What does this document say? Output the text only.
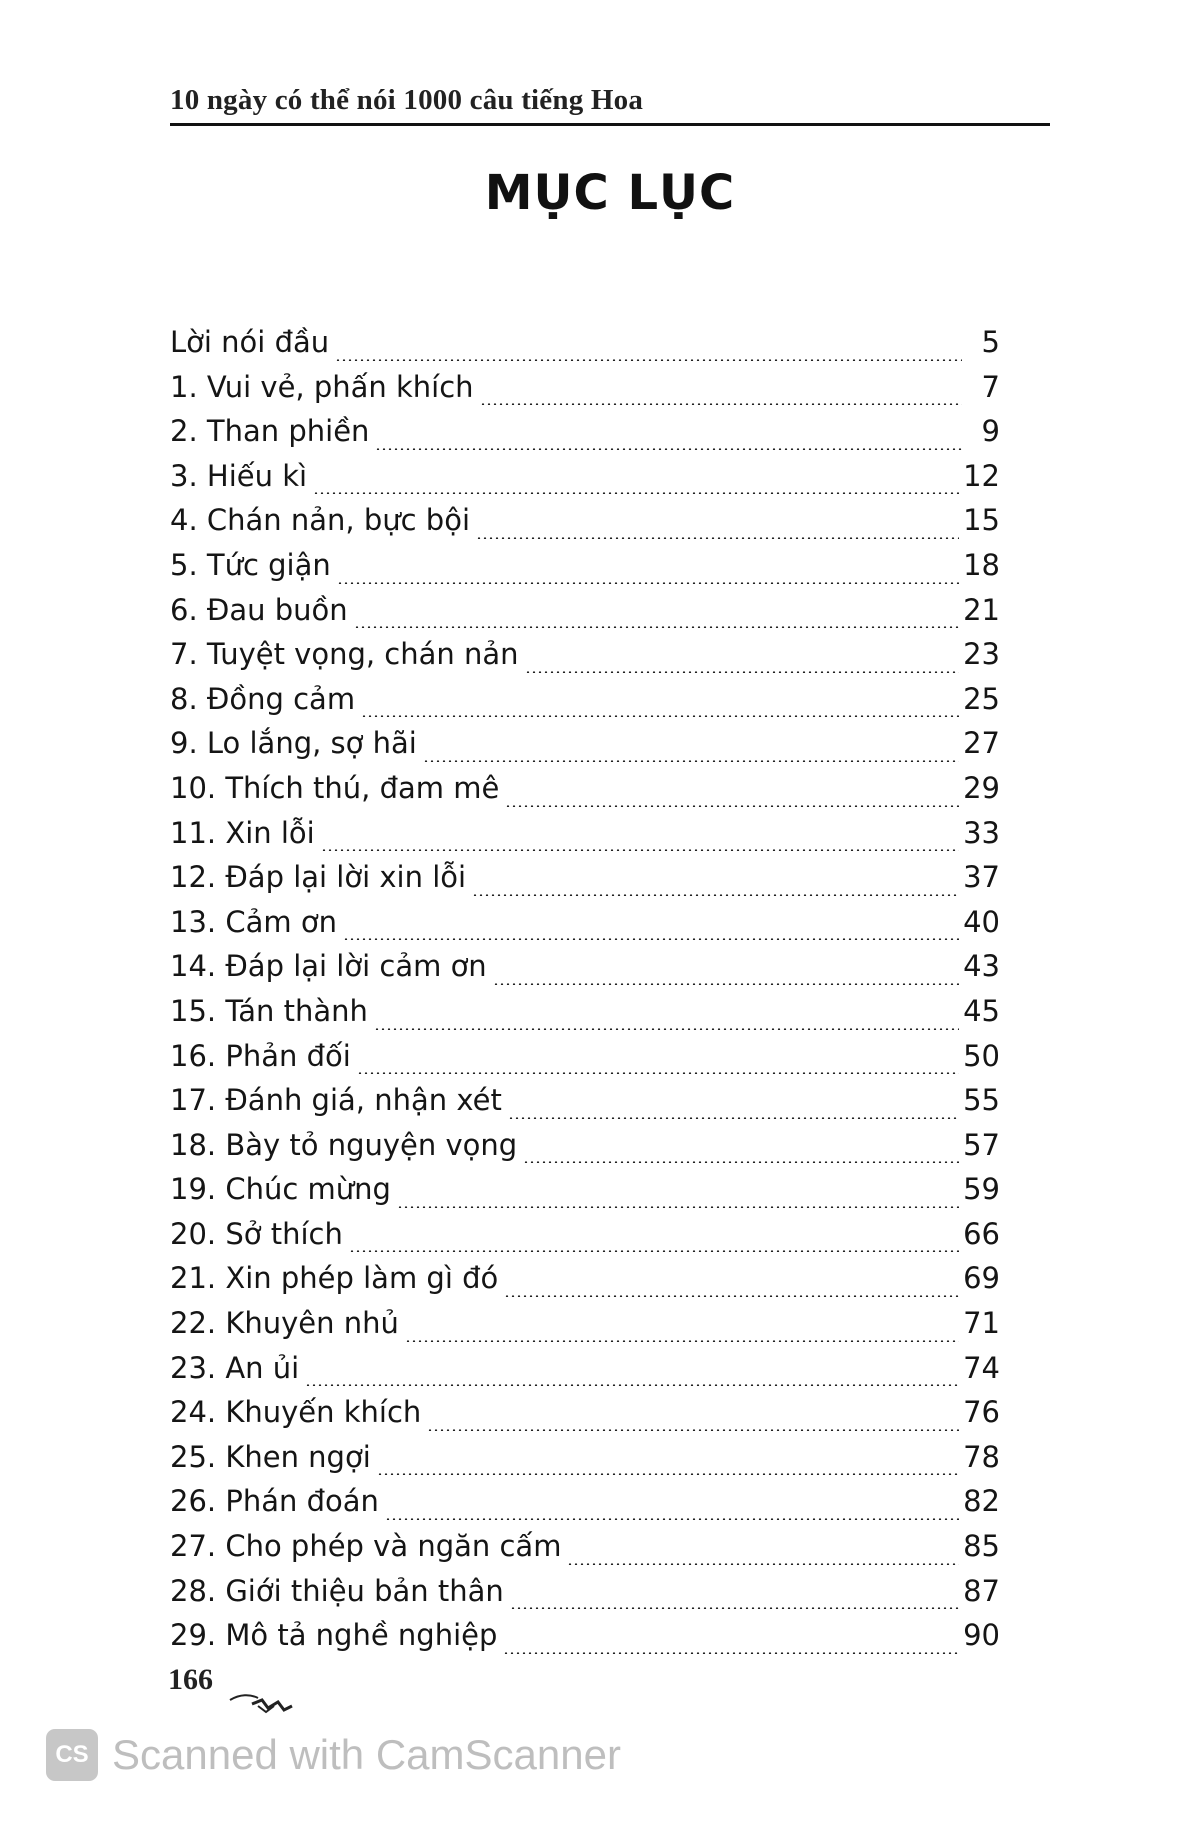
10 ngày có thể nói 1000 câu tiếng Hoa
MỤC LỤC
Lời nói đầu	5
1. Vui vẻ, phấn khích	7
2. Than phiền	9
3. Hiếu kì	12
4. Chán nản, bực bội	15
5. Tức giận	18
6. Đau buồn	21
7. Tuyệt vọng, chán nản	23
8. Đồng cảm	25
9. Lo lắng, sợ hãi	27
10. Thích thú, đam mê	29
11. Xin lỗi	33
12. Đáp lại lời xin lỗi	37
13. Cảm ơn	40
14. Đáp lại lời cảm ơn	43
15. Tán thành	45
16. Phản đối	50
17. Đánh giá, nhận xét	55
18. Bày tỏ nguyện vọng	57
19. Chúc mừng	59
20. Sở thích	66
21. Xin phép làm gì đó	69
22. Khuyên nhủ	71
23. An ủi	74
24. Khuyến khích	76
25. Khen ngợi	78
26. Phán đoán	82
27. Cho phép và ngăn cấm	85
28. Giới thiệu bản thân	87
29. Mô tả nghề nghiệp	90
166
CS Scanned with CamScanner
